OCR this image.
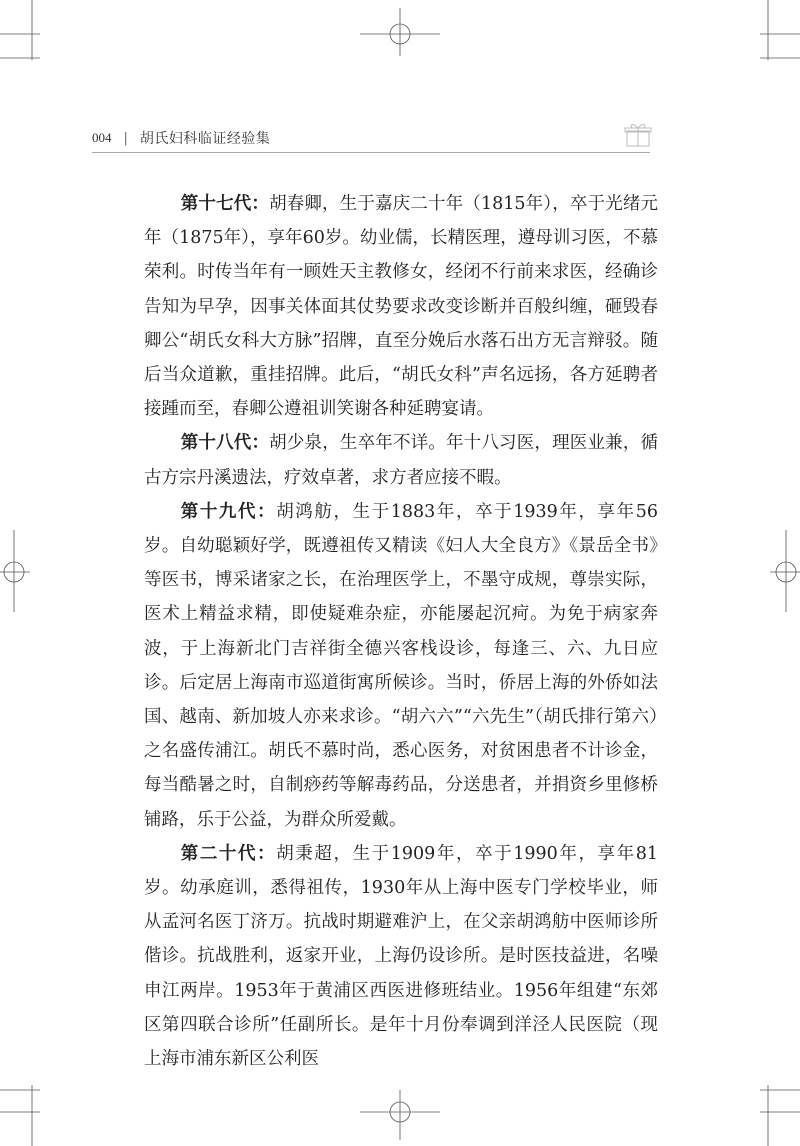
004 | 胡氏妇科临证经验集

第十七代：胡春卿，生于嘉庆二十年（1815年），卒于光绪元年（1875年），享年60岁。幼业儒，长精医理，遵母训习医，不慕荣利。时传当年有一顾姓天主教修女，经闭不行前来求医，经确诊告知为早孕，因事关体面其仗势要求改变诊断并百般纠缠，砸毁春卿公“胡氏女科大方脉”招牌，直至分娩后水落石出方无言辩驳。随后当众道歉，重挂招牌。此后，“胡氏女科”声名远扬，各方延聘者接踵而至，春卿公遵祖训笑谢各种延聘宴请。

第十八代：胡少泉，生卒年不详。年十八习医，理医业兼，循古方宗丹溪遗法，疗效卓著，求方者应接不暇。

第十九代：胡鸿舫，生于1883年，卒于1939年，享年56岁。自幼聪颖好学，既遵祖传又精读《妇人大全良方》《景岳全书》等医书，博采诸家之长，在治理医学上，不墨守成规，尊崇实际，医术上精益求精，即使疑难杂症，亦能屡起沉疴。为免于病家奔波，于上海新北门吉祥街全德兴客栈设诊，每逢三、六、九日应诊。后定居上海南市巡道街寓所候诊。当时，侨居上海的外侨如法国、越南、新加坡人亦来求诊。“胡六六”“六先生”（胡氏排行第六）之名盛传浦江。胡氏不慕时尚，悉心医务，对贫困患者不计诊金，每当酷暑之时，自制痧药等解毒药品，分送患者，并捐资乡里修桥铺路，乐于公益，为群众所爱戴。

第二十代：胡秉超，生于1909年，卒于1990年，享年81岁。幼承庭训，悉得祖传，1930年从上海中医专门学校毕业，师从孟河名医丁济万。抗战时期避难沪上，在父亲胡鸿舫中医师诊所偕诊。抗战胜利，返家开业，上海仍设诊所。是时医技益进，名噪申江两岸。1953年于黄浦区西医进修班结业。1956年组建“东郊区第四联合诊所”任副所长。是年十月份奉调到洋泾人民医院（现上海市浦东新区公利医
